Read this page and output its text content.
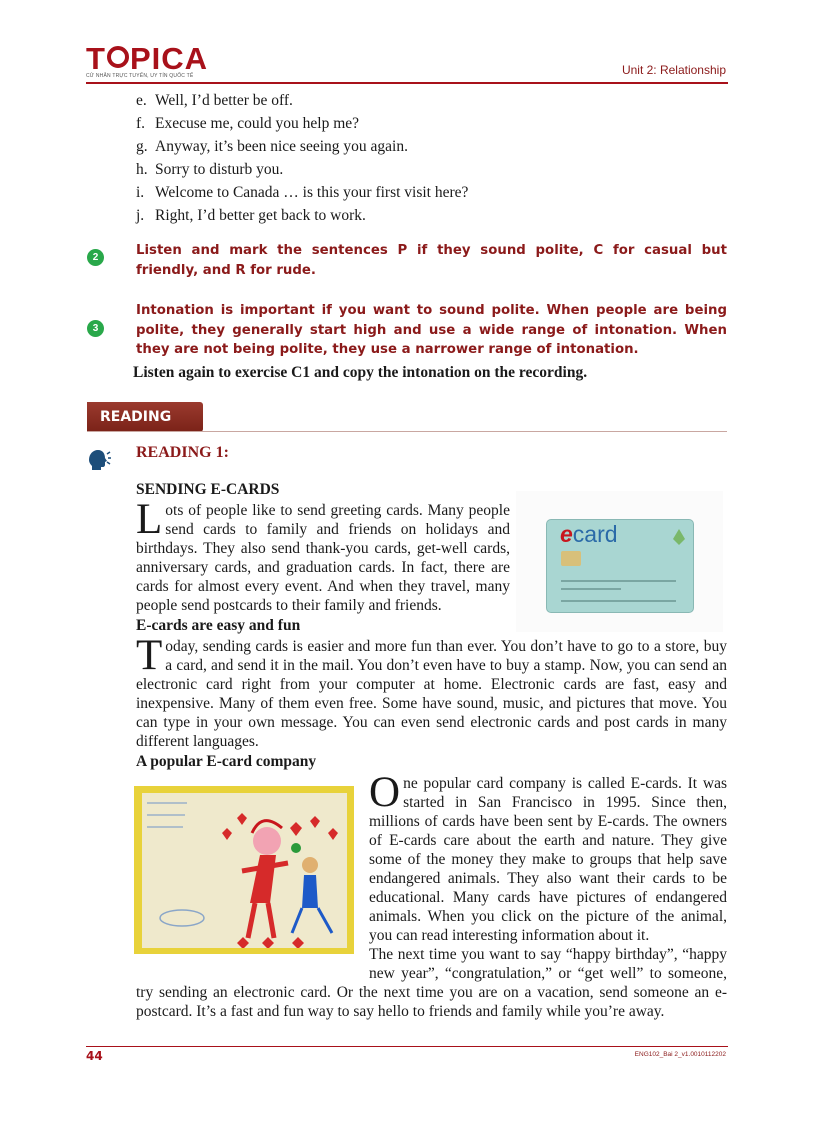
T PICA
CỬ NHÂN TRỰC TUYẾN, UY TÍN QUỐC TẾ	Unit 2: Relationship
e. Well, I’d better be off.
f. Execuse me, could you help me?
g. Anyway, it’s been nice seeing you again.
h. Sorry to disturb you.
i. Welcome to Canada … is this your first visit here?
j. Right, I’d better get back to work.
2	Listen and mark the sentences P if they sound polite, C for casual but friendly, and R for rude.
3
Intonation is important if you want to sound polite. When people are being polite, they generally start high and use a wide range of intonation. When they are not being polite, they use a narrower range of intonation.
Listen again to exercise C1 and copy the intonation on the recording.
READING
READING 1:
SENDING E-CARDS
Lots of people like to send greeting cards. Many people send cards to family and friends on holidays and birthdays. They also send thank-you cards, get-well cards, anniversary cards, and graduation cards. In fact, there are cards for almost every event. And when they travel, many people send postcards to their family and friends.
ecard
E-cards are easy and fun
Today, sending cards is easier and more fun than ever. You don’t have to go to a store, buy a card, and send it in the mail. You don’t even have to buy a stamp. Now, you can send an electronic card right from your computer at home. Electronic cards are fast, easy and inexpensive. Many of them even free. Some have sound, music, and pictures that move. You can type in your own message. You can even send electronic cards and post cards in many different languages.
A popular E-card company
One popular card company is called E-cards. It was started in San Francisco in 1995. Since then, millions of cards have been sent by E-cards. The owners of E-cards care about the earth and nature. They give some of the money they make to groups that help save endangered animals. They also want their cards to be educational. Many cards have pictures of endangered animals. When you click on the picture of the animal, you can read interesting information about it.
The next time you want to say “happy birthday”, “happy new year”, “congratulation,” or “get well” to someone, try sending an electronic card. Or the next time you are on a vacation, send someone an e-postcard. It’s a fast and fun way to say hello to friends and family while you’re away.
44	ENG102_Bai 2_v1.0010112202
